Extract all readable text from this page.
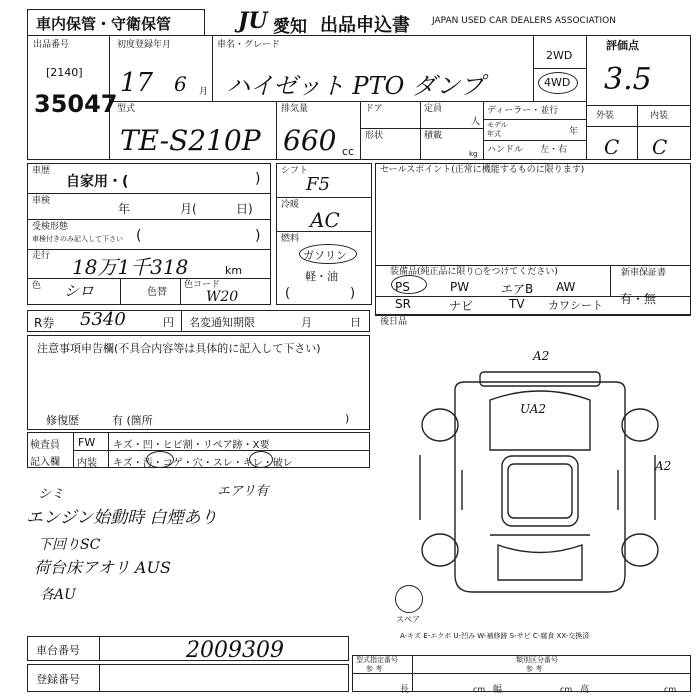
車内保管・守衛保管	JU 愛知 出品申込書 JAPAN USED CAR DEALERS ASSOCIATION
出品番号
[2140]
35047
初度登録年月
17 6 月
車名・グレード
ハイゼット PTO ダンプ
2WD
4WD
評価点
3.5
型式
TE-S210P
排気量
660 cc
ドア
形状
定員
人
積載
kg
ディーラー・並行
モデル
年式	年
ハンドル 左・右
外装	内装
C C
車歴
自家用・(	)
車検
年	月(	日)
受検形態
車検付きのみ記入して下さい (	)
走行 18万1千318	km
色 シロ	色替
色コード
W20
シフト
F5
冷暖
AC
燃料
ガソリン
軽・油
(	)
セールスポイント(正常に機能するものに限ります)
装備品(純正品に限り○をつけてください)
PS	PW	エアB AW
SR	ナビ	TV カワシート
新車保証書
有・無
後日品
R券 5340	円 名変通知期限	月	日
注意事項申告欄(不具合内容等は具体的に記入して下さい)
修復歴	有 (箇所	)
検査員
記入欄
FW キズ・凹・ヒビ割・リペア跡・X要
内装 キズ・汚・コゲ・穴・スレ・キレ・破レ
シミ
エンジン始動時 白煙あり
エアリ有
下回りSC
荷台床アオリ AUS
各AU
スペア
A2
UA2
A2
A-キズ E-エクボ U-凹み W-補修跡 S-サビ C-腐食 XX-交換済
車台番号	2009309
登録番号
型式指定番号
参 考
類別区分番号
参 考
長	cm 幅	cm 高	cm
